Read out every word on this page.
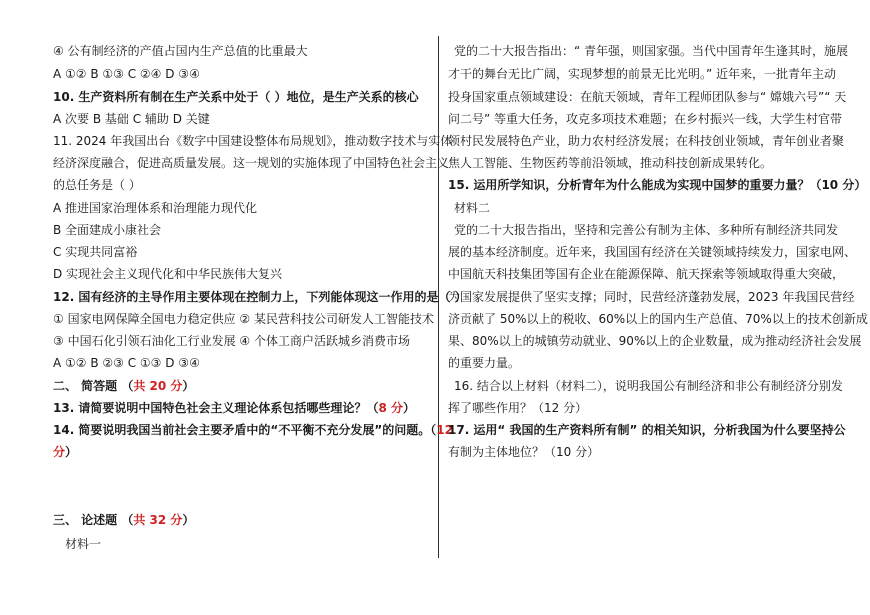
④ 公有制经济的产值占国内生产总值的比重最大
A ①② B ①③ C ②④ D ③④
10. 生产资料所有制在生产关系中处于（ ）地位，是生产关系的核心
A 次要 B 基础 C 辅助 D 关键
11. 2024 年我国出台《数字中国建设整体布局规划》，推动数字技术与实体
经济深度融合，促进高质量发展。这一规划的实施体现了中国特色社会主义
的总任务是（ ）
A 推进国家治理体系和治理能力现代化
B 全面建成小康社会
C 实现共同富裕
D 实现社会主义现代化和中华民族伟大复兴
12. 国有经济的主导作用主要体现在控制力上，下列能体现这一作用的是（ ）
① 国家电网保障全国电力稳定供应 ② 某民营科技公司研发人工智能技术
③ 中国石化引领石油化工行业发展 ④ 个体工商户活跃城乡消费市场
A ①② B ②③ C ①③ D ③④
二、 简答题 （共 20 分）
13. 请简要说明中国特色社会主义理论体系包括哪些理论？（8 分）
14. 简要说明我国当前社会主要矛盾中的“不平衡不充分发展”的问题。（12
分）
三、 论述题 （共 32 分）
材料一
党的二十大报告指出：“ 青年强，则国家强。当代中国青年生逢其时，施展
才干的舞台无比广阔，实现梦想的前景无比光明。” 近年来，一批青年主动
投身国家重点领域建设：在航天领域，青年工程师团队参与“ 嫦娥六号”“ 天
问二号” 等重大任务，攻克多项技术难题；在乡村振兴一线，大学生村官带
领村民发展特色产业，助力农村经济发展；在科技创业领域，青年创业者聚
焦人工智能、生物医药等前沿领域，推动科技创新成果转化。
15. 运用所学知识，分析青年为什么能成为实现中国梦的重要力量？（10 分）
材料二
党的二十大报告指出，坚持和完善公有制为主体、多种所有制经济共同发
展的基本经济制度。近年来，我国国有经济在关键领域持续发力，国家电网、
中国航天科技集团等国有企业在能源保障、航天探索等领域取得重大突破，
为国家发展提供了坚实支撑；同时，民营经济蓬勃发展，2023 年我国民营经
济贡献了 50%以上的税收、60%以上的国内生产总值、70%以上的技术创新成
果、80%以上的城镇劳动就业、90%以上的企业数量，成为推动经济社会发展
的重要力量。
16. 结合以上材料（材料二），说明我国公有制经济和非公有制经济分别发
挥了哪些作用？（12 分）
17. 运用“ 我国的生产资料所有制” 的相关知识，分析我国为什么要坚持公
有制为主体地位？（10 分）
